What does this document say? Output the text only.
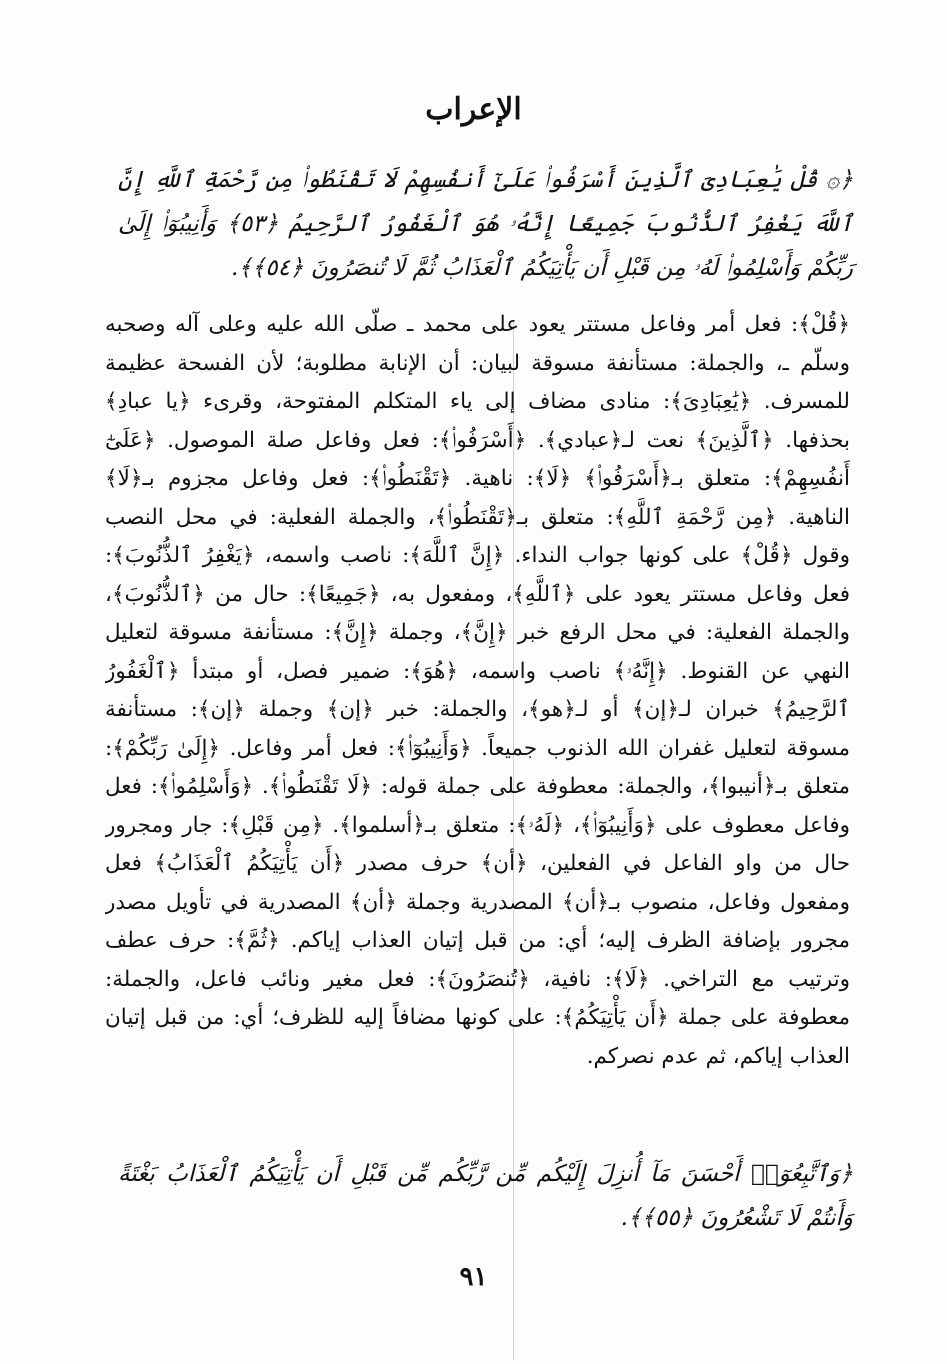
الإعراب
﴿۞ قُلْ يَٰعِبَادِىَ ٱلَّذِينَ أَسْرَفُوا۟ عَلَىٰٓ أَنفُسِهِمْ لَا تَقْنَطُوا۟ مِن رَّحْمَةِ ٱللَّهِ إِنَّ ٱللَّهَ يَغْفِرُ ٱلذُّنُوبَ جَمِيعًا إِنَّهُۥ هُوَ ٱلْغَفُورُ ٱلرَّحِيمُ ﴿٥٣﴾ وَأَنِيبُوٓا۟ إِلَىٰ رَبِّكُمْ وَأَسْلِمُوا۟ لَهُۥ مِن قَبْلِ أَن يَأْتِيَكُمُ ٱلْعَذَابُ ثُمَّ لَا تُنصَرُونَ ﴿٥٤﴾﴾.
﴿قُلْ﴾: فعل أمر وفاعل مستتر يعود على محمد ـ صلّى الله عليه وعلى آله وصحبه وسلّم ـ، والجملة: مستأنفة مسوقة لبيان: أن الإنابة مطلوبة؛ لأن الفسحة عظيمة للمسرف. ﴿يَٰعِبَادِىَ﴾: منادى مضاف إلى ياء المتكلم المفتوحة، وقرىء ﴿يا عبادِ﴾ بحذفها. ﴿ٱلَّذِينَ﴾ نعت لـ﴿عبادي﴾. ﴿أَسْرَفُوا۟﴾: فعل وفاعل صلة الموصول. ﴿عَلَىٰٓ أَنفُسِهِمْ﴾: متعلق بـ﴿أَسْرَفُوا۟﴾ ﴿لَا﴾: ناهية. ﴿تَقْنَطُوا۟﴾: فعل وفاعل مجزوم بـ﴿لَا﴾ الناهية. ﴿مِن رَّحْمَةِ ٱللَّهِ﴾: متعلق بـ﴿تَقْنَطُوا۟﴾، والجملة الفعلية: في محل النصب وقول ﴿قُلْ﴾ على كونها جواب النداء. ﴿إِنَّ ٱللَّهَ﴾: ناصب واسمه، ﴿يَغْفِرُ ٱلذُّنُوبَ﴾: فعل وفاعل مستتر يعود على ﴿ٱللَّهِ﴾، ومفعول به، ﴿جَمِيعًا﴾: حال من ﴿ٱلذُّنُوبَ﴾، والجملة الفعلية: في محل الرفع خبر ﴿إِنَّ﴾، وجملة ﴿إِنَّ﴾: مستأنفة مسوقة لتعليل النهي عن القنوط. ﴿إِنَّهُۥ﴾ ناصب واسمه، ﴿هُوَ﴾: ضمير فصل، أو مبتدأ ﴿ٱلْغَفُورُ ٱلرَّحِيمُ﴾ خبران لـ﴿إن﴾ أو لـ﴿هو﴾، والجملة: خبر ﴿إن﴾ وجملة ﴿إن﴾: مستأنفة مسوقة لتعليل غفران الله الذنوب جميعاً. ﴿وَأَنِيبُوٓا۟﴾: فعل أمر وفاعل. ﴿إِلَىٰ رَبِّكُمْ﴾: متعلق بـ﴿أنيبوا﴾، والجملة: معطوفة على جملة قوله: ﴿لَا تَقْنَطُوا۟﴾. ﴿وَأَسْلِمُوا۟﴾: فعل وفاعل معطوف على ﴿وَأَنِيبُوٓا۟﴾، ﴿لَهُۥ﴾: متعلق بـ﴿أسلموا﴾. ﴿مِن قَبْلِ﴾: جار ومجرور حال من واو الفاعل في الفعلين، ﴿أن﴾ حرف مصدر ﴿أَن يَأْتِيَكُمُ ٱلْعَذَابُ﴾ فعل ومفعول وفاعل، منصوب بـ﴿أن﴾ المصدرية وجملة ﴿أن﴾ المصدرية في تأويل مصدر مجرور بإضافة الظرف إليه؛ أي: من قبل إتيان العذاب إياكم. ﴿ثُمَّ﴾: حرف عطف وترتيب مع التراخي. ﴿لَا﴾: نافية، ﴿تُنصَرُونَ﴾: فعل مغير ونائب فاعل، والجملة: معطوفة على جملة ﴿أَن يَأْتِيَكُمُ﴾: على كونها مضافاً إليه للظرف؛ أي: من قبل إتيان العذاب إياكم، ثم عدم نصركم.
﴿وَٱتَّبِعُوٓا۟ أَحْسَنَ مَآ أُنزِلَ إِلَيْكُم مِّن رَّبِّكُم مِّن قَبْلِ أَن يَأْتِيَكُمُ ٱلْعَذَابُ بَغْتَةً وَأَنتُمْ لَا تَشْعُرُونَ ﴿٥٥﴾﴾.
٩١
